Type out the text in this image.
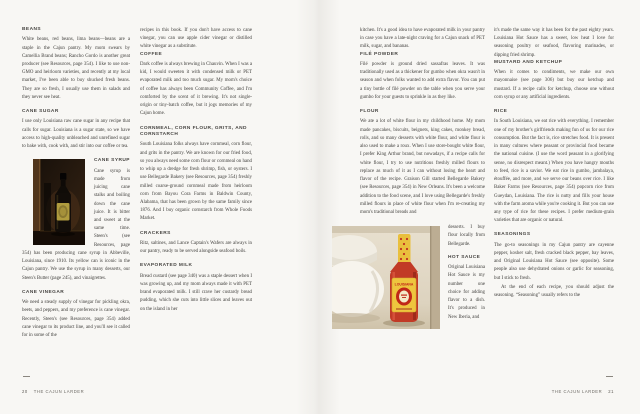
BEANS

White beans, red beans, lima beans—beans are a staple in the Cajun pantry. My mom swears by Camellia Brand beans; Rancho Gordo is another great producer (see Resources, page 354). I like to use non-GMO and heirloom varieties, and recently at my local market, I've been able to buy shucked fresh beans. They are so fresh, I usually use them in salads and they never see heat.

CANE SUGAR

I use only Louisiana raw cane sugar in any recipe that calls for sugar. Louisiana is a sugar state, so we have access to high-quality unbleached and unrefined sugar to bake with, cook with, and stir into our coffee or tea.

CANE SYRUP

Cane syrup is made from juicing cane stalks and boiling down the cane juice. It is bitter and sweet at the same time. Steen's (see Resources, page 354) has been producing cane syrup in Abbeville, Louisiana, since 1910. Its yellow can is iconic in the Cajun pantry. We use the syrup in many desserts, our Steen's Butter (page 245), and vinaigrettes.

CANE VINEGAR

We need a steady supply of vinegar for pickling okra, beets, and peppers, and my preference is cane vinegar. Recently, Steen's (see Resources, page 354) added cane vinegar to its product line, and you'll see it called for in some of the

recipes in this book. If you don't have access to cane vinegar, you can use apple cider vinegar or distilled white vinegar as a substitute.

COFFEE

Dark coffee is always brewing in Chauvin. When I was a kid, I would sweeten it with condensed milk or PET evaporated milk and too much sugar. My mom's choice of coffee has always been Community Coffee, and I'm comforted by the scent of it brewing. It's not single-origin or tiny-batch coffee, but it jogs memories of my Cajun home.

CORNMEAL, CORN FLOUR, GRITS, AND CORNSTARCH

South Louisiana folks always have cornmeal, corn flour, and grits in the pantry. We are known for our fried food, so you always need some corn flour or cornmeal on hand to whip up a dredge for fresh shrimp, fish, or oysters. I use Bellegarde Bakery (see Resources, page 354) freshly milled coarse-ground cornmeal made from heirloom corn from Bayou Cora Farms in Baldwin County, Alabama, that has been grown by the same family since 1876. And I buy organic cornstarch from Whole Foods Market.

CRACKERS

Ritz, saltines, and Lance Captain's Wafers are always in our pantry, ready to be served alongside seafood boils.

EVAPORATED MILK

Bread custard (see page 340) was a staple dessert when I was growing up, and my mom always made it with PET brand evaporated milk. I still crave her custardy bread pudding, which she cuts into little slices and leaves out on the island in her

kitchen. It's a good idea to have evaporated milk in your pantry in case you have a late-night craving for a Cajun snack of PET milk, sugar, and bananas.

FILÉ POWDER

Filé powder is ground dried sassafras leaves. It was traditionally used as a thickener for gumbo when okra wasn't in season and when folks wanted to add extra flavor. You can put a tiny bottle of filé powder on the table when you serve your gumbo for your guests to sprinkle in as they like.

FLOUR

We ate a lot of white flour in my childhood home. My mom made pancakes, biscuits, beignets, king cakes, monkey bread, rolls, and so many desserts with white flour, and white flour is also used to make a roux. When I use store-bought white flour, I prefer King Arthur brand, but nowadays, if a recipe calls for white flour, I try to use nutritious freshly milled flours to replace as much of it as I can without losing the heart and flavor of the recipe. Graison Gill started Bellegarde Bakery (see Resources, page 354) in New Orleans. It's been a welcome addition to the food scene, and I love using Bellegarde's freshly milled flours in place of white flour when I'm re-creating my mom's traditional breads and

LOUISIANA

desserts. I buy flour locally from Bellegarde.

HOT SAUCE

Original Louisiana Hot Sauce is my number one choice for adding flavor to a dish. It's produced in New Iberia, and

it's made the same way it has been for the past eighty years. Louisiana Hot Sauce has a sweet, low heat I love for seasoning poultry or seafood, flavoring marinades, or dipping fried shrimp.

MUSTARD AND KETCHUP

When it comes to condiments, we make our own mayonnaise (see page 306) but buy our ketchup and mustard. If a recipe calls for ketchup, choose one without corn syrup or any artificial ingredients.

RICE

In South Louisiana, we eat rice with everything. I remember one of my brother's girlfriends making fun of us for our rice consumption. But the fact is, rice stretches food. It is present in many cultures where peasant or provincial food became the national cuisine. (I use the word peasant in a glorifying sense, no disrespect meant.) When you have hangry mouths to feed, rice is a savior. We eat rice in gumbo, jambalaya, étouffée, and more, and we serve our beans over rice. I like Baker Farms (see Resources, page 354) popcorn rice from Gueydan, Louisiana. The rice is nutty and fills your house with the farm aroma while you're cooking it. But you can use any type of rice for these recipes. I prefer medium-grain varieties that are organic or natural.

SEASONINGS

The go-to seasonings in my Cajun pantry are cayenne pepper, kosher salt, fresh cracked black pepper, bay leaves, and Original Louisiana Hot Sauce (see opposite). Some people also use dehydrated onions or garlic for seasoning, but I stick to fresh.

At the end of each recipe, you should adjust the seasoning. “Seasoning” usually refers to the

20 THE CAJUN LARDER	THE CAJUN LARDER 21
